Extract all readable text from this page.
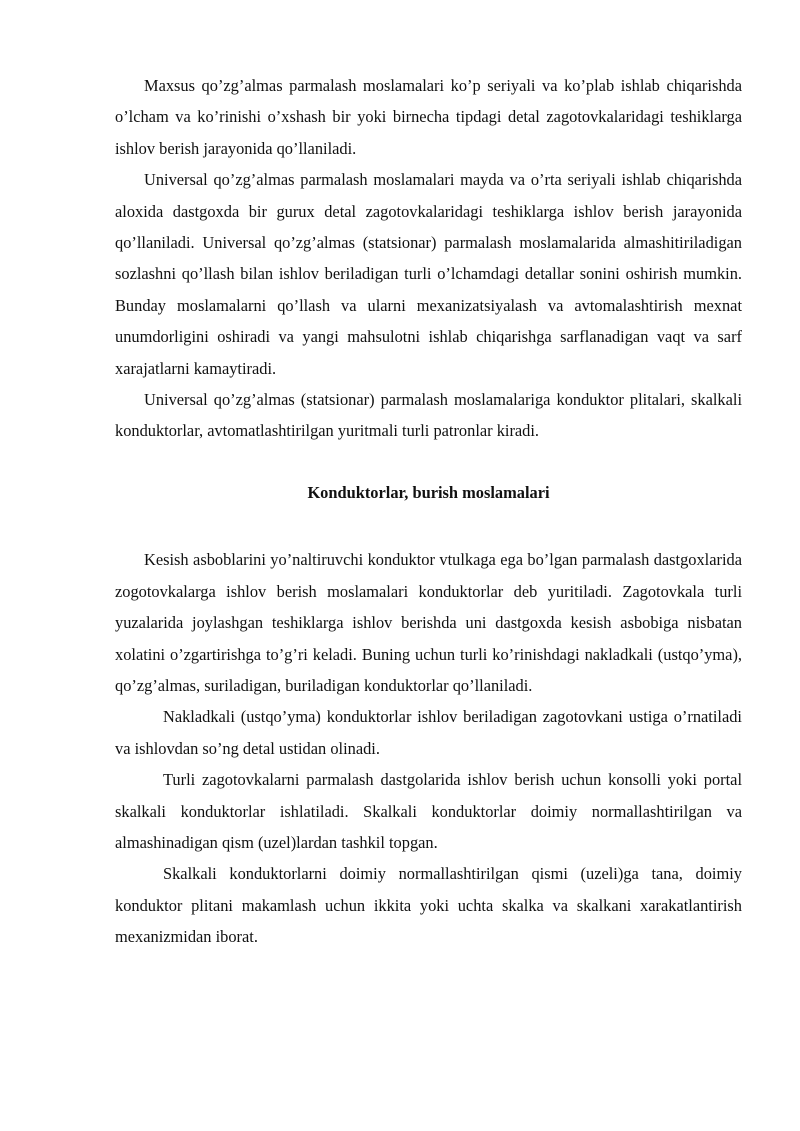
Maxsus qo’zg’almas parmalash moslamalari ko’p seriyali va ko’plab ishlab chiqarishda o’lcham va ko’rinishi o’xshash bir yoki birnecha tipdagi detal zagotovkalaridagi teshiklarga ishlov berish jarayonida qo’llaniladi.

Universal qo’zg’almas parmalash moslamalari mayda va o’rta seriyali ishlab chiqarishda aloxida dastgoxda bir gurux detal zagotovkalaridagi teshiklarga ishlov berish jarayonida qo’llaniladi. Universal qo’zg’almas (statsionar) parmalash moslamalarida almashitiriladigan sozlashni qo’llash bilan ishlov beriladigan turli o’lchamdagi detallar sonini oshirish mumkin. Bunday moslamalarni qo’llash va ularni mexanizatsiyalash va avtomalashtirish mexnat unumdorligini oshiradi va yangi mahsulotni ishlab chiqarishga sarflanadigan vaqt va sarf xarajatlarni kamaytiradi.

Universal qo’zg’almas (statsionar) parmalash moslamalariga konduktor plitalari, skalkali konduktorlar, avtomatlashtirilgan yuritmali turli patronlar kiradi.

Konduktorlar, burish moslamalari

Kesish asboblarini yo’naltiruvchi konduktor vtulkaga ega bo’lgan parmalash dastgoxlarida zogotovkalarga ishlov berish moslamalari konduktorlar deb yuritiladi. Zagotovkala turli yuzalarida joylashgan teshiklarga ishlov berishda uni dastgoxda kesish asbobiga nisbatan xolatini o’zgartirishga to’g’ri keladi. Buning uchun turli ko’rinishdagi nakladkali (ustqo’yma), qo’zg’almas, suriladigan, buriladigan konduktorlar qo’llaniladi.

Nakladkali (ustqo’yma) konduktorlar ishlov beriladigan zagotovkani ustiga o’rnatiladi va ishlovdan so’ng detal ustidan olinadi.

Turli zagotovkalarni parmalash dastgolarida ishlov berish uchun konsolli yoki portal skalkali konduktorlar ishlatiladi. Skalkali konduktorlar doimiy normallashtirilgan va almashinadigan qism (uzel)lardan tashkil topgan.

Skalkali konduktorlarni doimiy normallashtirilgan qismi (uzeli)ga tana, doimiy konduktor plitani makamlash uchun ikkita yoki uchta skalka va skalkani xarakatlantirish mexanizmidan iborat.
